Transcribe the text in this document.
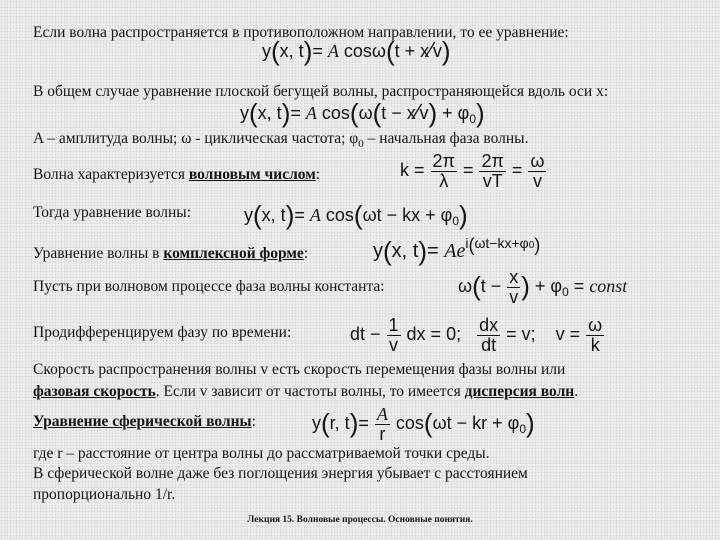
Если волна распространяется в противоположном направлении, то ее уравнение:
В общем случае уравнение плоской бегущей волны, распространяющейся вдоль оси x:
A – амплитуда волны; ω - циклическая частота; $\varphi_0$ – начальная фаза волны.
Волна характеризуется волновым числом:
Тогда уравнение волны:
Уравнение волны в комплексной форме:
Пусть при волновом процессе фаза волны константа:
Продифференцируем фазу по времени:
Скорость распространения волны v есть скорость перемещения фазы волны или
фазовая скорость. Если v зависит от частоты волны, то имеется дисперсия волн.
Уравнение сферической волны:
где r – расстояние от центра волны до рассматриваемой точки среды.
В сферической волне даже без поглощения энергия убывает с расстоянием
пропорционально 1/r.
y(x, t)= A cosω(t + x∕v)
y(x, t)= A cos(ω(t − x∕v) + $\varphi_0$)
$k = \frac{2\pi}{\lambda} = \frac{2\pi}{vT} = \frac{\omega}{v}$
y(x, t)= A cos(ωt − kx + $\varphi_0$)
y(x, $t)= Ae^{i(\omega t-kx+\varphi 0)}$
$\omega(t - \frac{x}{v}$ ) + $\varphi_0$ = const
dt − $\frac{1}{v}$ dx = 0; $\frac{dx}{dt} = v$;    $v = \frac{\omega}{k}$
y(r, $t)= \frac{A}{r} \cos(\omega t$ − kr + $\varphi_0$)
Лекция 15. Волновые процессы. Основные понятия.
